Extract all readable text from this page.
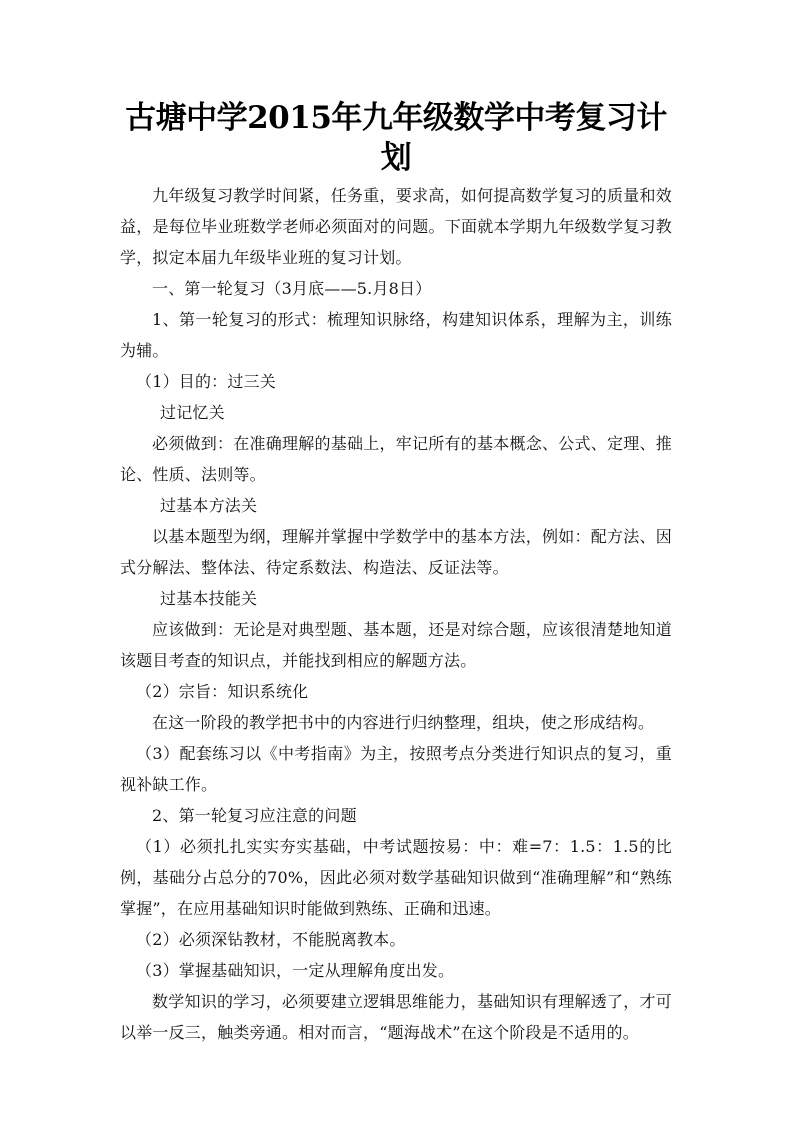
古塘中学2015年九年级数学中考复习计划

九年级复习教学时间紧，任务重，要求高，如何提高数学复习的质量和效益，是每位毕业班数学老师必须面对的问题。下面就本学期九年级数学复习教学，拟定本届九年级毕业班的复习计划。

一、第一轮复习（3月底——5.月8日）

1、第一轮复习的形式：梳理知识脉络，构建知识体系，理解为主，训练为辅。

（1）目的：过三关

过记忆关

必须做到：在准确理解的基础上，牢记所有的基本概念、公式、定理、推论、性质、法则等。

过基本方法关

以基本题型为纲，理解并掌握中学数学中的基本方法，例如：配方法、因式分解法、整体法、待定系数法、构造法、反证法等。

过基本技能关

应该做到：无论是对典型题、基本题，还是对综合题，应该很清楚地知道该题目考查的知识点，并能找到相应的解题方法。

（2）宗旨：知识系统化

在这一阶段的教学把书中的内容进行归纳整理，组块，使之形成结构。

（3）配套练习以《中考指南》为主，按照考点分类进行知识点的复习，重视补缺工作。

2、第一轮复习应注意的问题

（1）必须扎扎实实夯实基础，中考试题按易：中：难=7：1.5：1.5的比例，基础分占总分的70%，因此必须对数学基础知识做到“准确理解”和“熟练掌握”，在应用基础知识时能做到熟练、正确和迅速。

（2）必须深钻教材，不能脱离教本。

（3）掌握基础知识，一定从理解角度出发。

数学知识的学习，必须要建立逻辑思维能力，基础知识有理解透了，才可以举一反三，触类旁通。相对而言，“题海战术”在这个阶段是不适用的。
